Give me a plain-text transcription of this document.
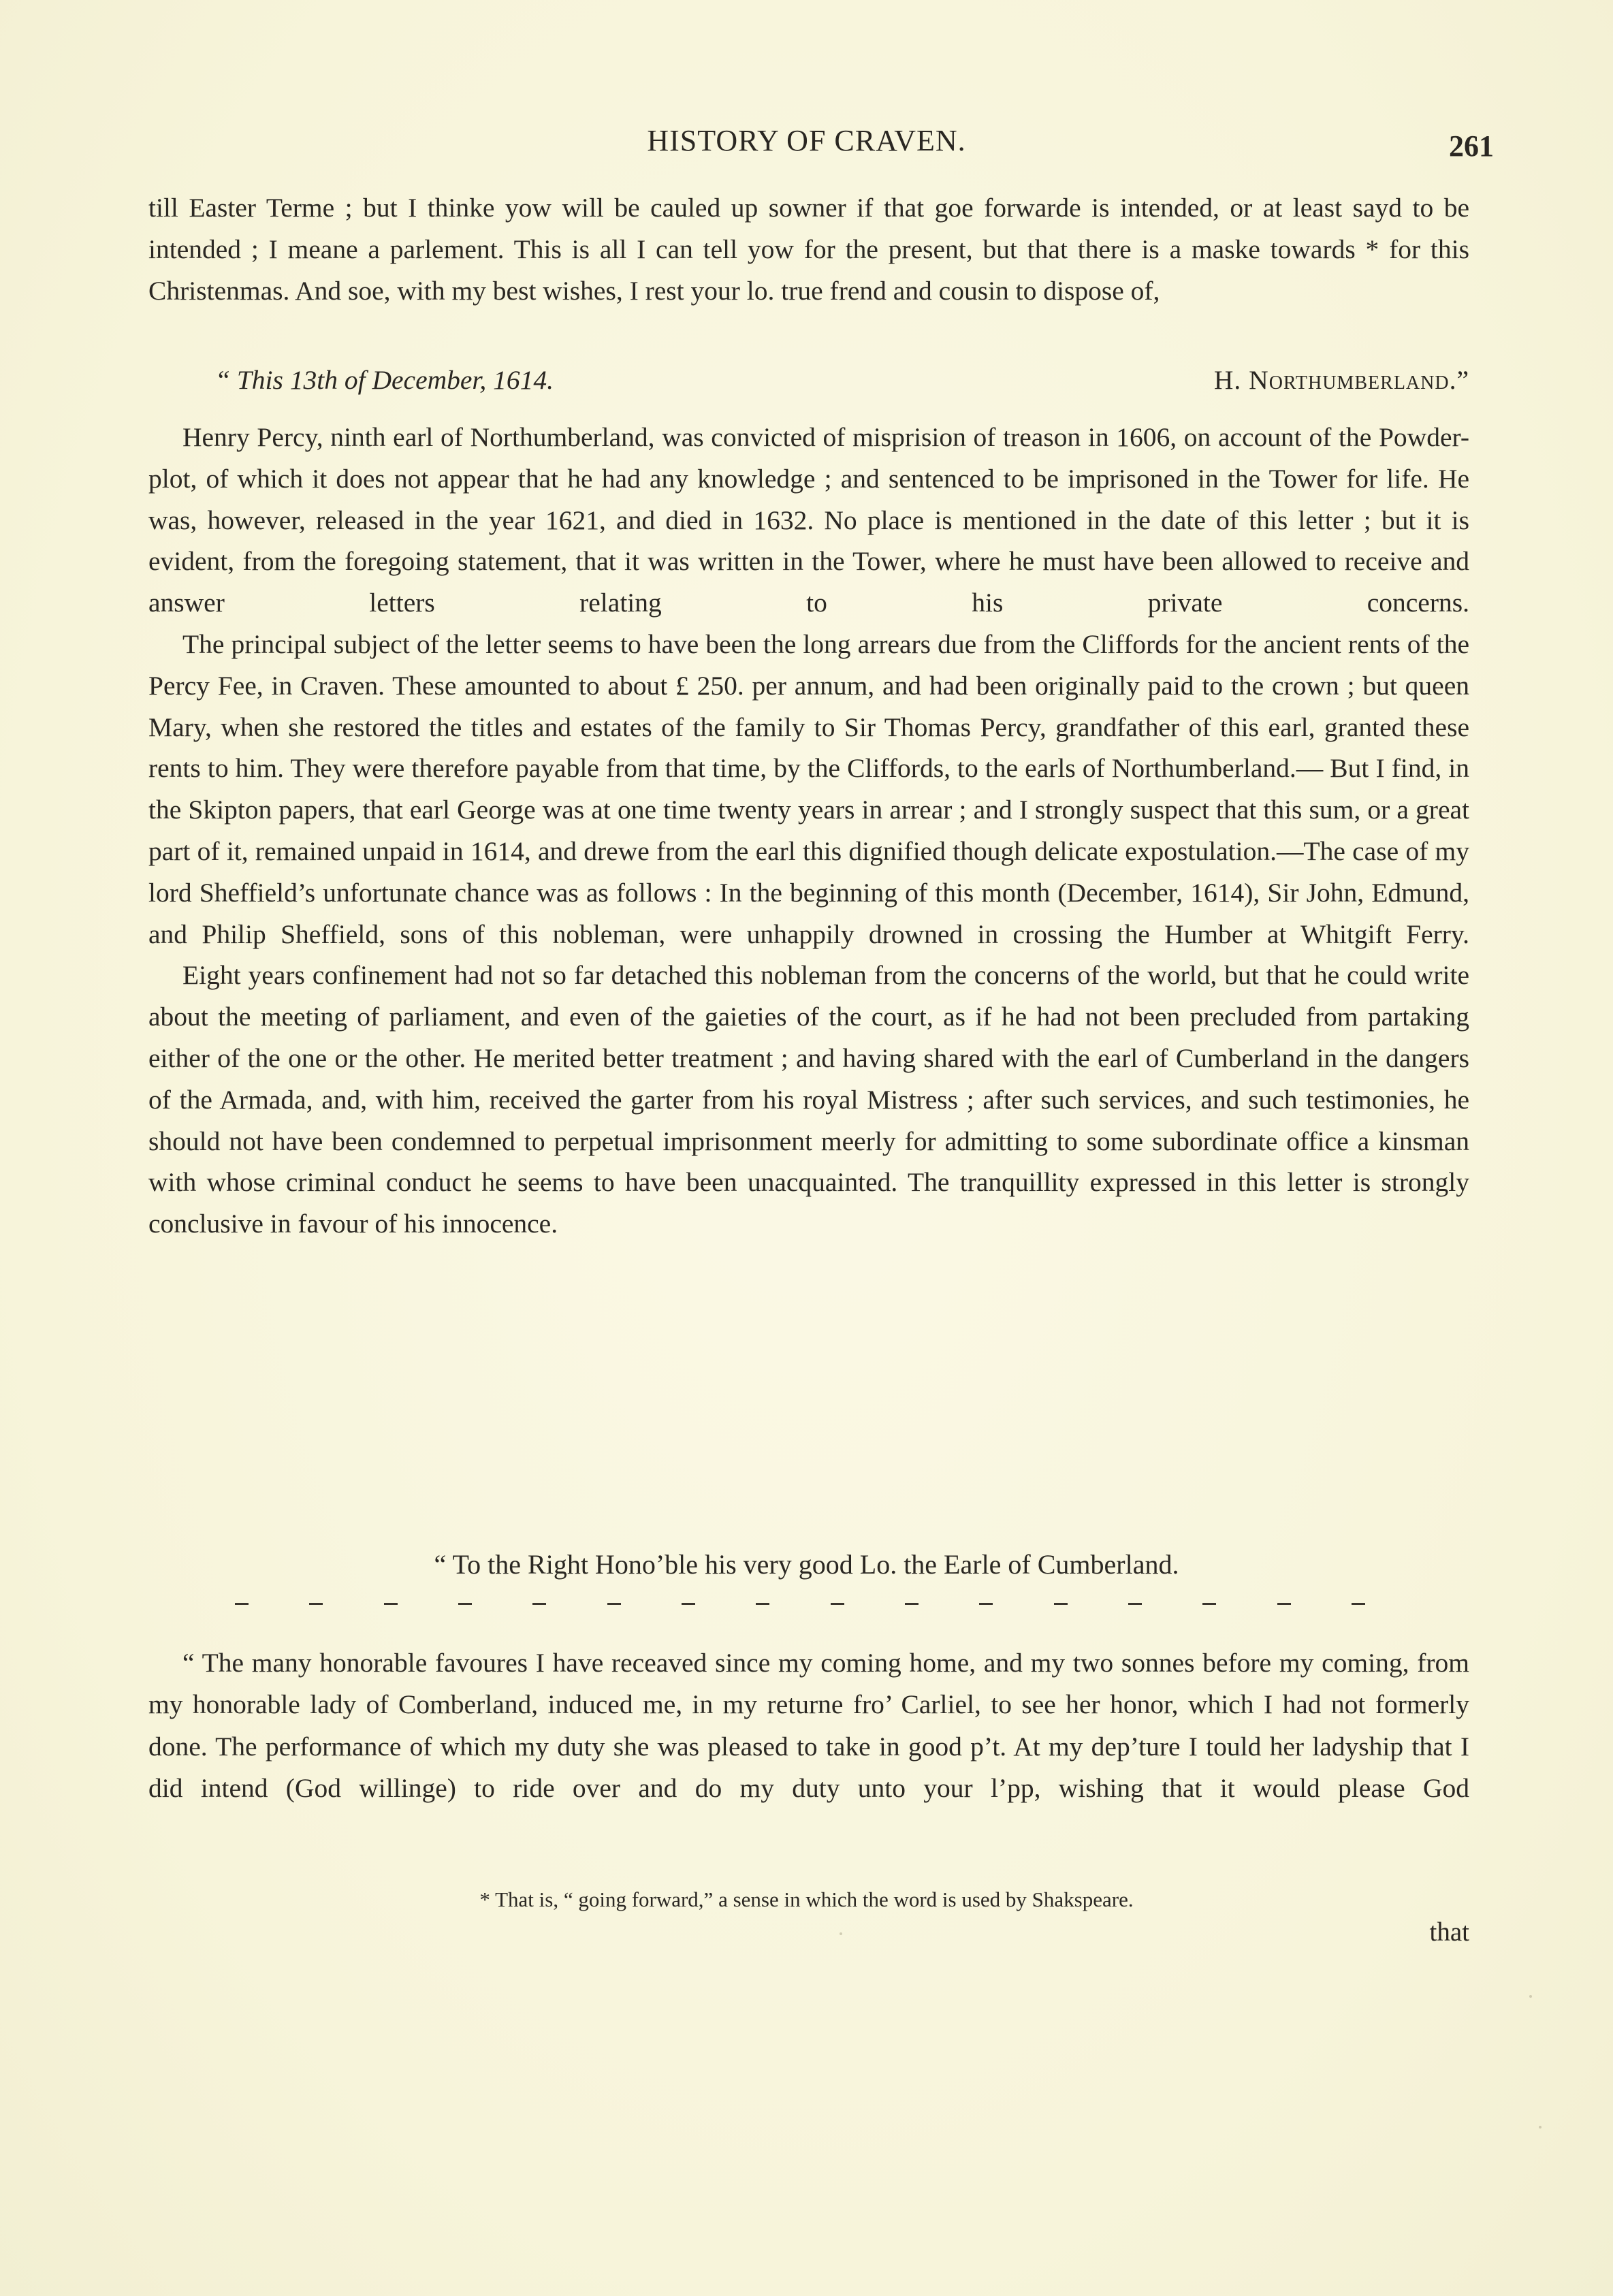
HISTORY OF CRAVEN.	261

till Easter Terme ; but I thinke yow will be cauled up sowner if that goe forwarde is intended, or at least sayd to be intended ; I meane a parlement. This is all I can tell yow for the present, but that there is a maske towards * for this Christenmas. And soe, with my best wishes, I rest your lo. true frend and cousin to dispose of,

“ This 13th of December, 1614.	H. Northumberland.”

Henry Percy, ninth earl of Northumberland, was convicted of misprision of treason in 1606, on account of the Powder-plot, of which it does not appear that he had any knowledge ; and sentenced to be imprisoned in the Tower for life. He was, however, released in the year 1621, and died in 1632. No place is mentioned in the date of this letter ; but it is evident, from the foregoing statement, that it was written in the Tower, where he must have been allowed to receive and answer letters relating to his private concerns.

The principal subject of the letter seems to have been the long arrears due from the Cliffords for the ancient rents of the Percy Fee, in Craven. These amounted to about £ 250. per annum, and had been originally paid to the crown ; but queen Mary, when she restored the titles and estates of the family to Sir Thomas Percy, grandfather of this earl, granted these rents to him. They were therefore payable from that time, by the Cliffords, to the earls of Northumberland.— But I find, in the Skipton papers, that earl George was at one time twenty years in arrear ; and I strongly suspect that this sum, or a great part of it, remained unpaid in 1614, and drewe from the earl this dignified though delicate expostulation.—The case of my lord Sheffield’s unfortunate chance was as follows : In the beginning of this month (December, 1614), Sir John, Edmund, and Philip Sheffield, sons of this nobleman, were unhappily drowned in crossing the Humber at Whitgift Ferry.

Eight years confinement had not so far detached this nobleman from the concerns of the world, but that he could write about the meeting of parliament, and even of the gaieties of the court, as if he had not been precluded from partaking either of the one or the other. He merited better treatment ; and having shared with the earl of Cumberland in the dangers of the Armada, and, with him, received the garter from his royal Mistress ; after such services, and such testimonies, he should not have been condemned to perpetual imprisonment meerly for admitting to some subordinate office a kinsman with whose criminal conduct he seems to have been unacquainted. The tranquillity expressed in this letter is strongly conclusive in favour of his innocence.

“ To the Right Hono’ble his very good Lo. the Earle of Cumberland.

“ The many honorable favoures I have receaved since my coming home, and my two sonnes before my coming, from my honorable lady of Comberland, induced me, in my returne fro’ Carliel, to see her honor, which I had not formerly done. The performance of which my duty she was pleased to take in good p’t. At my dep’ture I tould her ladyship that I did intend (God willinge) to ride over and do my duty unto your l’pp, wishing that it would please God

* That is, “ going forward,” a sense in which the word is used by Shakspeare.
that
